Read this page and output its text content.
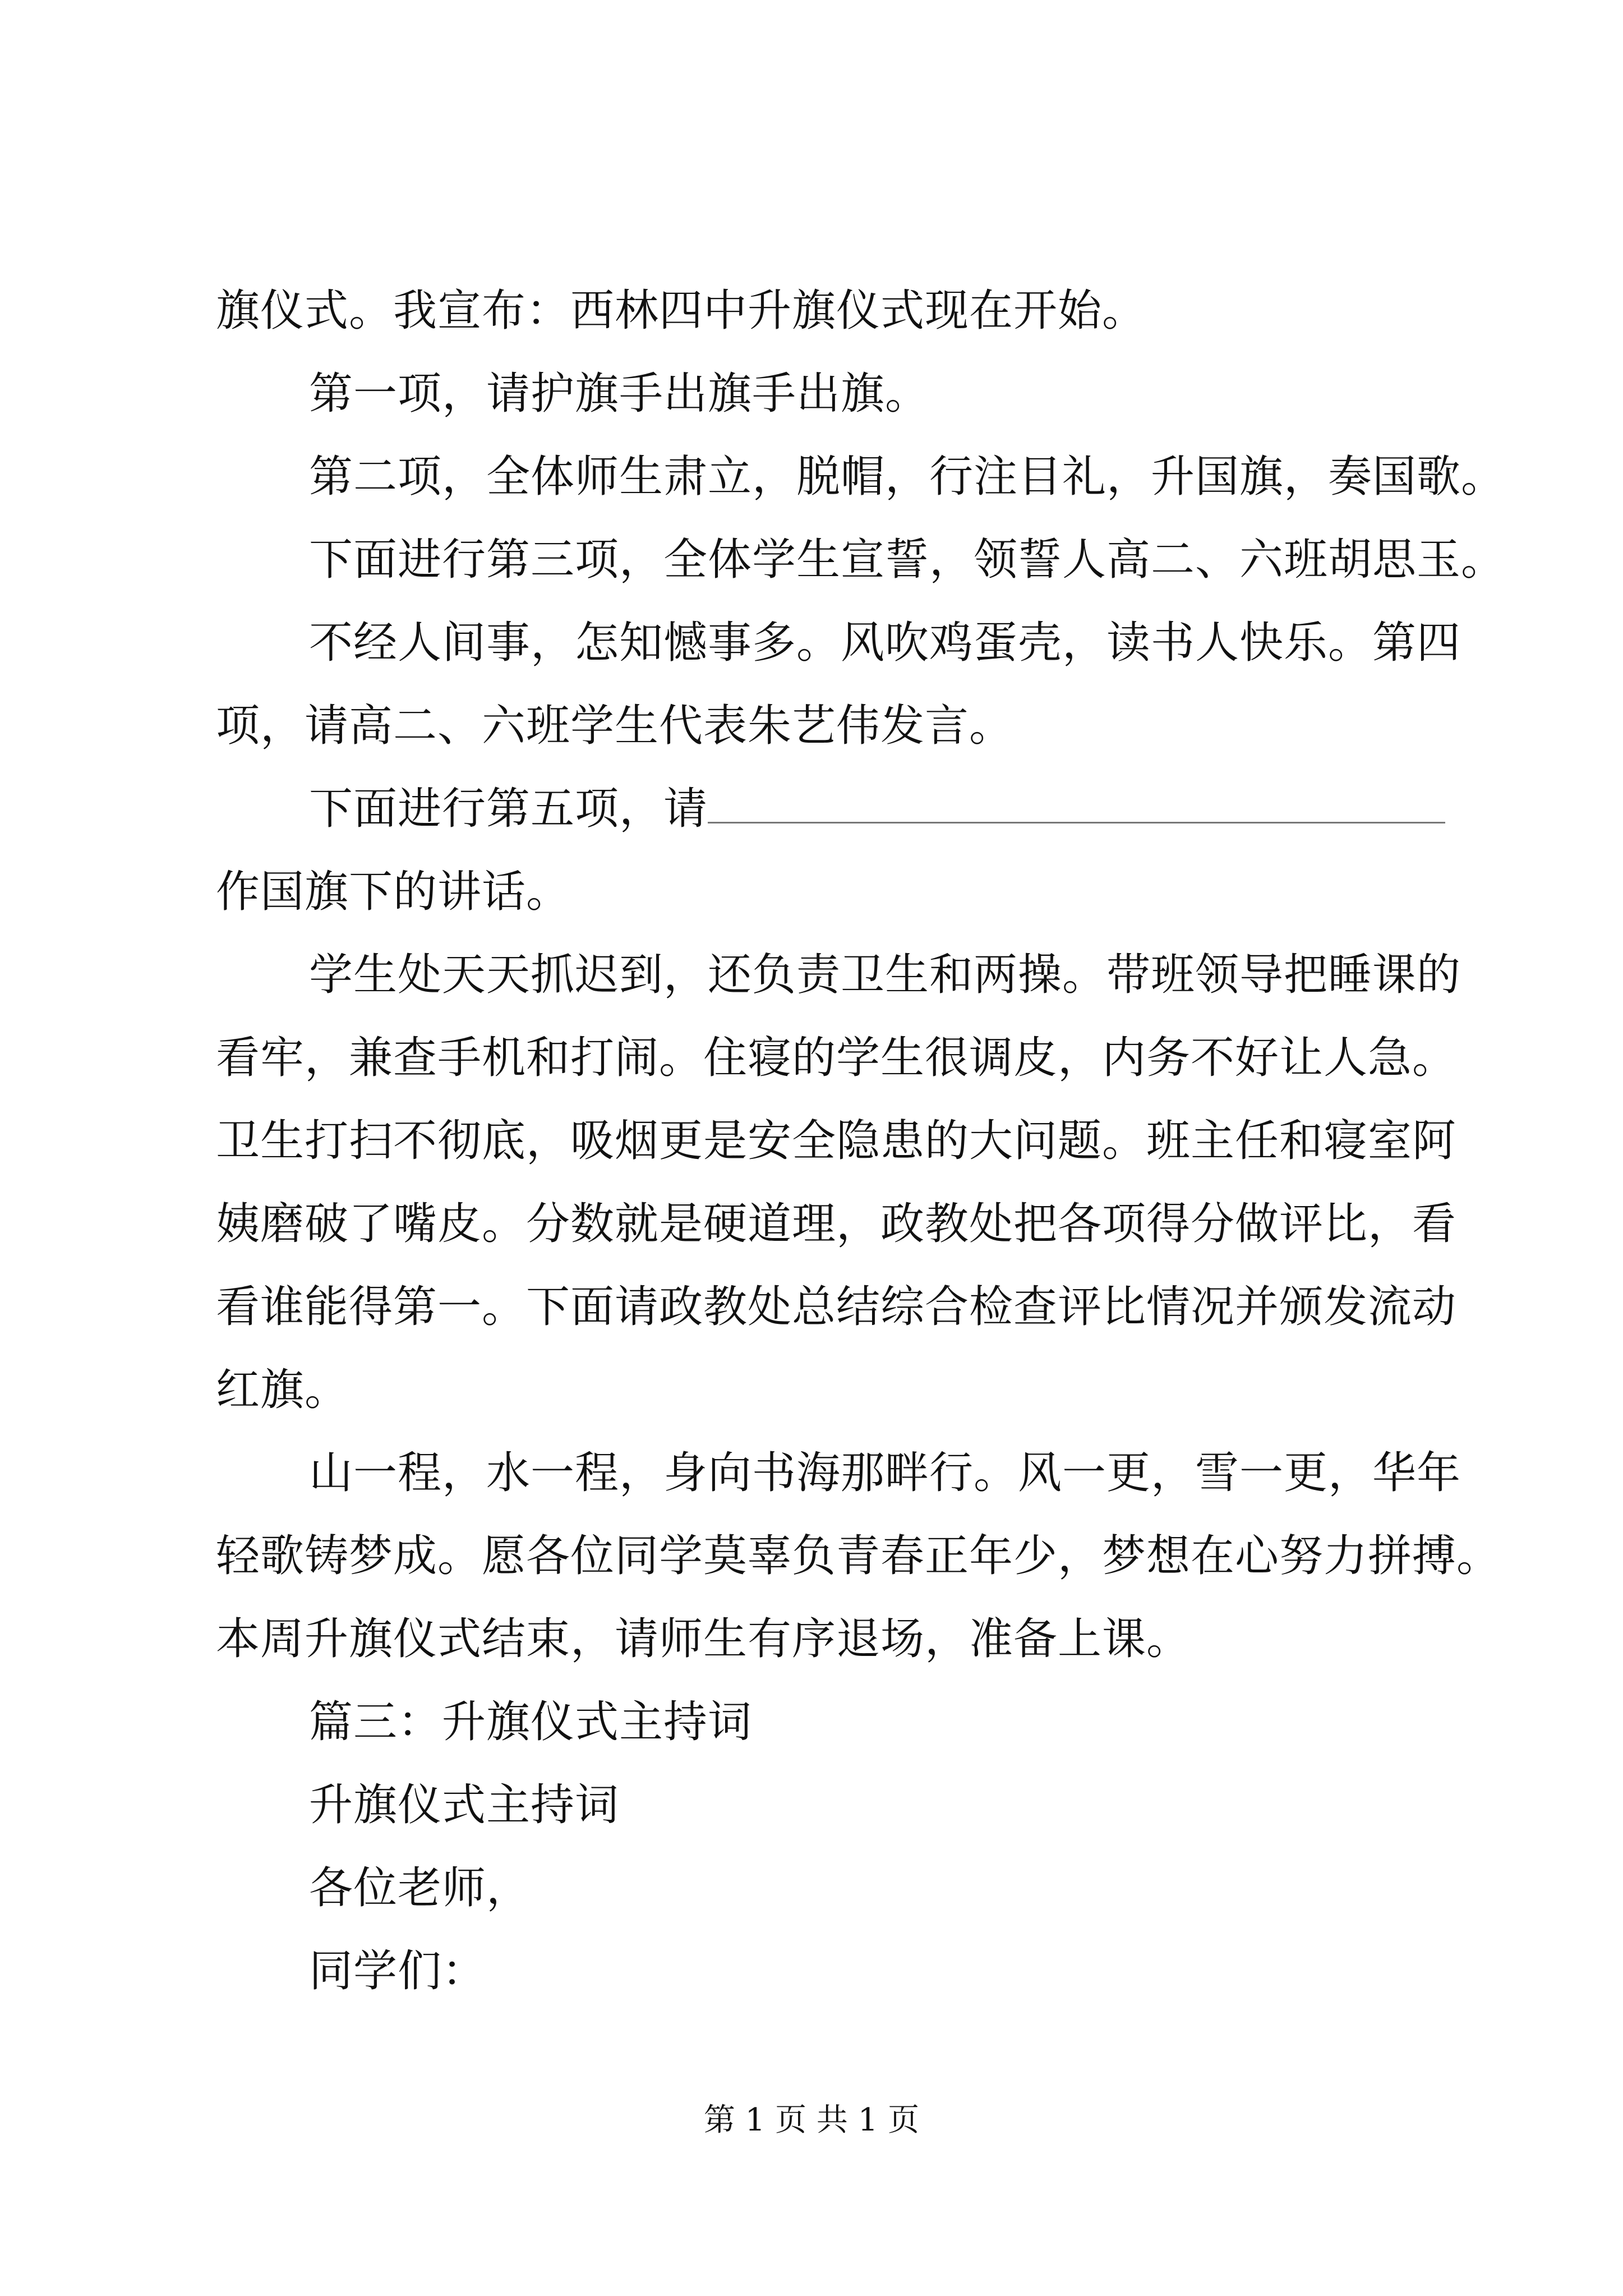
旗仪式。我宣布：西林四中升旗仪式现在开始。
第一项，请护旗手出旗手出旗。
第二项，全体师生肃立，脱帽，行注目礼，升国旗，奏国歌。
下面进行第三项，全体学生宣誓，领誓人高二、六班胡思玉。
不经人间事，怎知憾事多。风吹鸡蛋壳，读书人快乐。第四
项，请高二、六班学生代表朱艺伟发言。
下面进行第五项，请
作国旗下的讲话。
学生处天天抓迟到，还负责卫生和两操。带班领导把睡课的
看牢，兼查手机和打闹。住寝的学生很调皮，内务不好让人急。
卫生打扫不彻底，吸烟更是安全隐患的大问题。班主任和寝室阿
姨磨破了嘴皮。分数就是硬道理，政教处把各项得分做评比，看
看谁能得第一。下面请政教处总结综合检查评比情况并颁发流动
红旗。
山一程，水一程，身向书海那畔行。风一更，雪一更，华年
轻歌铸梦成。愿各位同学莫辜负青春正年少，梦想在心努力拼搏。
本周升旗仪式结束，请师生有序退场，准备上课。
篇三：升旗仪式主持词
升旗仪式主持词
各位老师，
同学们：
第 1 页 共 1 页
